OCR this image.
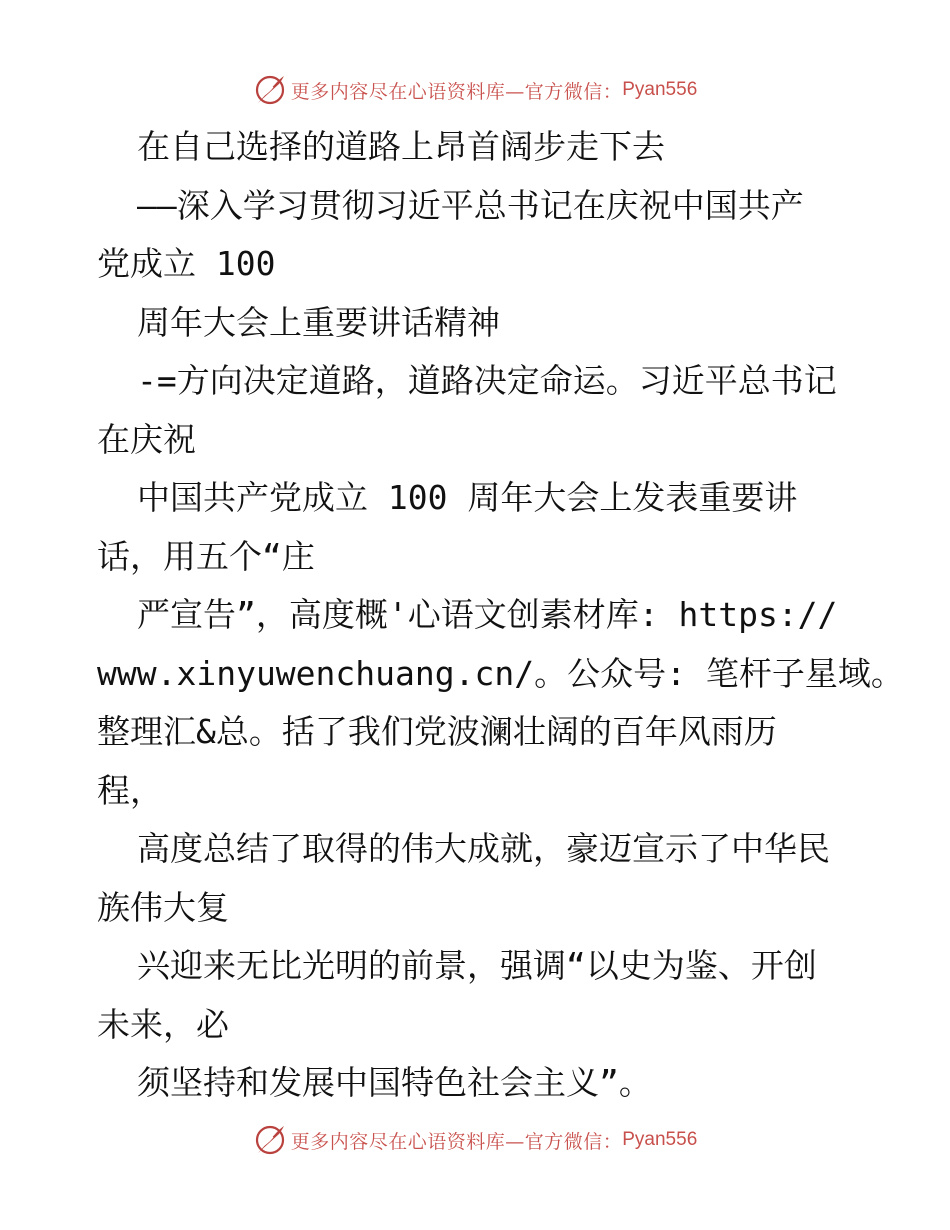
更多内容尽在心语资料库—官方微信： Pyan556
在自己选择的道路上昂首阔步走下去
——深入学习贯彻习近平总书记在庆祝中国共产
党成立 100
周年大会上重要讲话精神
-=方向决定道路，道路决定命运。习近平总书记
在庆祝
中国共产党成立 100 周年大会上发表重要讲
话，用五个“庄
严宣告”，高度概'心语文创素材库: https://
www.xinyuwenchuang.cn/。公众号: 笔杆子星域。
整理汇&总。括了我们党波澜壮阔的百年风雨历
程，
高度总结了取得的伟大成就，豪迈宣示了中华民
族伟大复
兴迎来无比光明的前景，强调“以史为鉴、开创
未来，必
须坚持和发展中国特色社会主义”。
更多内容尽在心语资料库—官方微信： Pyan556
